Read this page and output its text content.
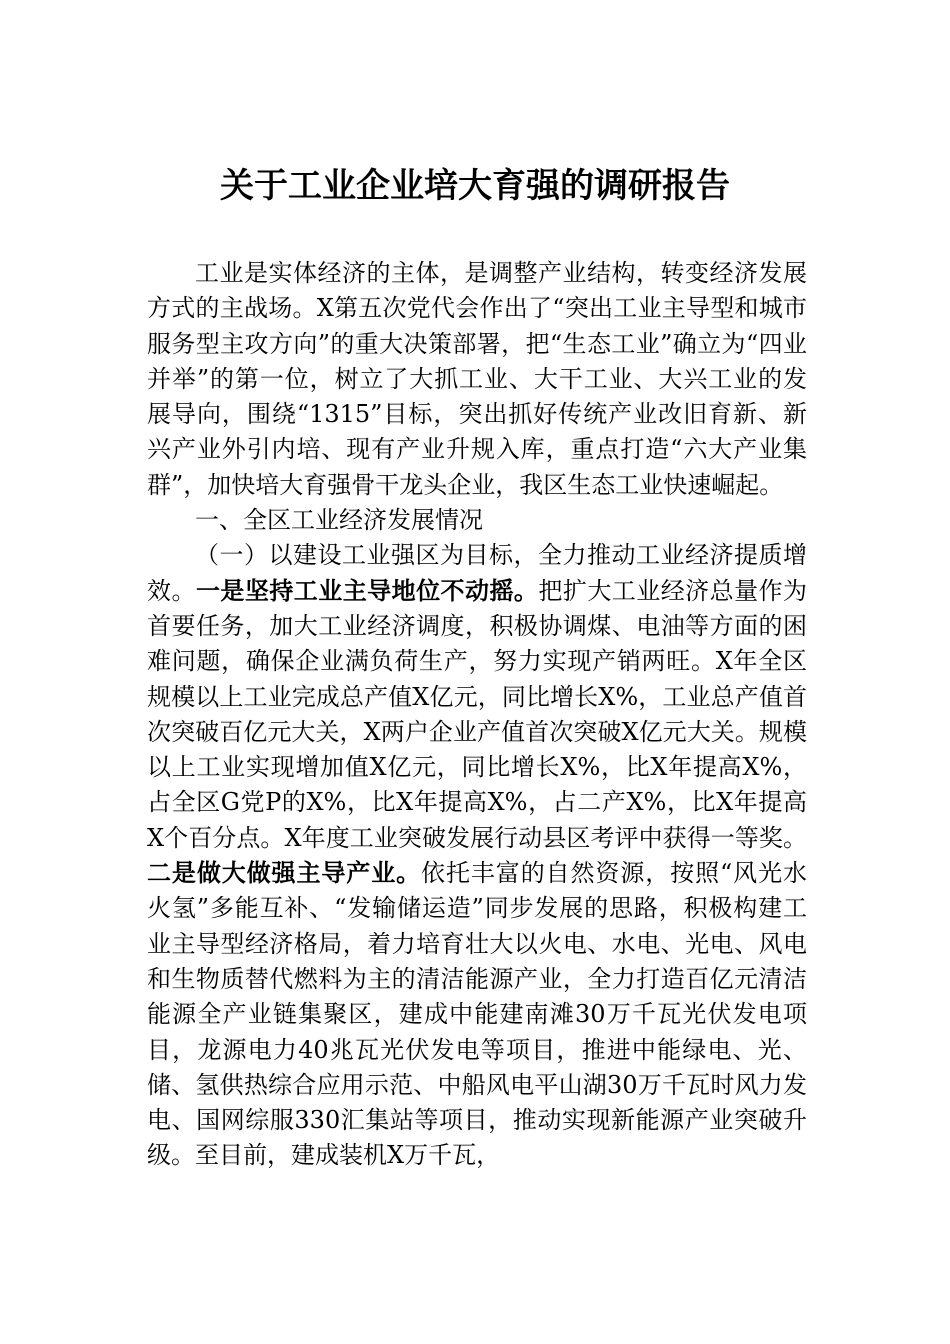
关于工业企业培大育强的调研报告

工业是实体经济的主体，是调整产业结构，转变经济发展方式的主战场。X第五次党代会作出了“突出工业主导型和城市服务型主攻方向”的重大决策部署，把“生态工业”确立为“四业并举”的第一位，树立了大抓工业、大干工业、大兴工业的发展导向，围绕“1315”目标，突出抓好传统产业改旧育新、新兴产业外引内培、现有产业升规入库，重点打造“六大产业集群”，加快培大育强骨干龙头企业，我区生态工业快速崛起。

一、全区工业经济发展情况

（一）以建设工业强区为目标，全力推动工业经济提质增效。一是坚持工业主导地位不动摇。把扩大工业经济总量作为首要任务，加大工业经济调度，积极协调煤、电油等方面的困难问题，确保企业满负荷生产，努力实现产销两旺。X年全区规模以上工业完成总产值X亿元，同比增长X%，工业总产值首次突破百亿元大关，X两户企业产值首次突破X亿元大关。规模以上工业实现增加值X亿元，同比增长X%，比X年提高X%，占全区G党P的X%，比X年提高X%，占二产X%，比X年提高X个百分点。X年度工业突破发展行动县区考评中获得一等奖。二是做大做强主导产业。依托丰富的自然资源，按照“风光水火氢”多能互补、“发输储运造”同步发展的思路，积极构建工业主导型经济格局，着力培育壮大以火电、水电、光电、风电和生物质替代燃料为主的清洁能源产业，全力打造百亿元清洁能源全产业链集聚区，建成中能建南滩30万千瓦光伏发电项目，龙源电力40兆瓦光伏发电等项目，推进中能绿电、光、储、氢供热综合应用示范、中船风电平山湖30万千瓦时风力发电、国网综服330汇集站等项目，推动实现新能源产业突破升级。至目前，建成装机X万千瓦，
